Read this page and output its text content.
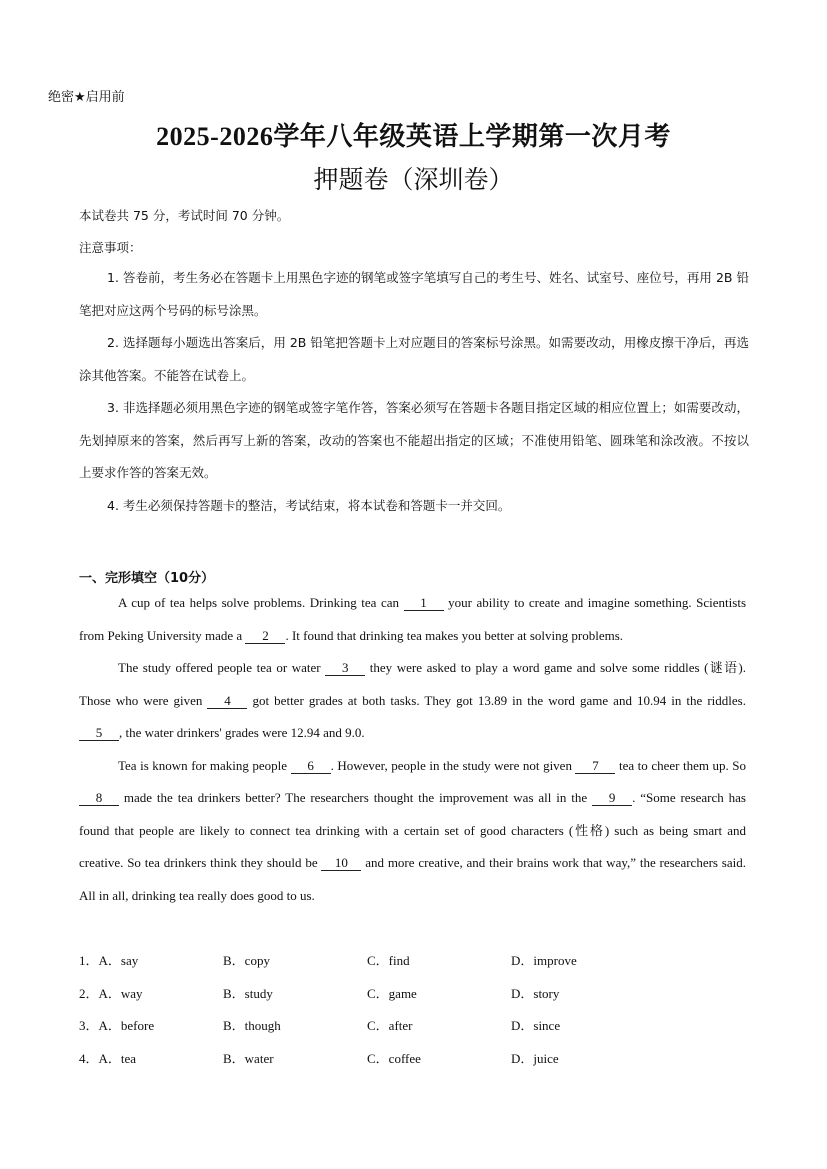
绝密★启用前
2025-2026学年八年级英语上学期第一次月考
押题卷（深圳卷）
本试卷共 75 分，考试时间 70 分钟。
注意事项：

1. 答卷前，考生务必在答题卡上用黑色字迹的钢笔或签字笔填写自己的考生号、姓名、试室号、座位号，再用 2B 铅笔把对应这两个号码的标号涂黑。

2. 选择题每小题选出答案后，用 2B 铅笔把答题卡上对应题目的答案标号涂黑。如需要改动，用橡皮擦干净后，再选涂其他答案。不能答在试卷上。

3. 非选择题必须用黑色字迹的钢笔或签字笔作答，答案必须写在答题卡各题目指定区域的相应位置上；如需要改动，先划掉原来的答案，然后再写上新的答案，改动的答案也不能超出指定的区域；不准使用铅笔、圆珠笔和涂改液。不按以上要求作答的答案无效。

4. 考生必须保持答题卡的整洁，考试结束，将本试卷和答题卡一并交回。

一、完形填空（10分）

A cup of tea helps solve problems. Drinking tea can 1 your ability to create and imagine something. Scientists from Peking University made a 2 . It found that drinking tea makes you better at solving problems.

The study offered people tea or water 3 they were asked to play a word game and solve some riddles (谜语). Those who were given 4 got better grades at both tasks. They got 13.89 in the word game and 10.94 in the riddles. 5 , the water drinkers' grades were 12.94 and 9.0.

Tea is known for making people 6 . However, people in the study were not given 7 tea to cheer them up. So 8 made the tea drinkers better? The researchers thought the improvement was all in the 9 . “Some research has found that people are likely to connect tea drinking with a certain set of good characters (性格) such as being smart and creative. So tea drinkers think they should be 10 and more creative, and their brains work that way,” the researchers said. All in all, drinking tea really does good to us.

1．A．say	B．copy	C．find	D．improve
2．A．way	B．study	C．game	D．story
3．A．before	B．though	C．after	D．since
4．A．tea	B．water	C．coffee	D．juice
